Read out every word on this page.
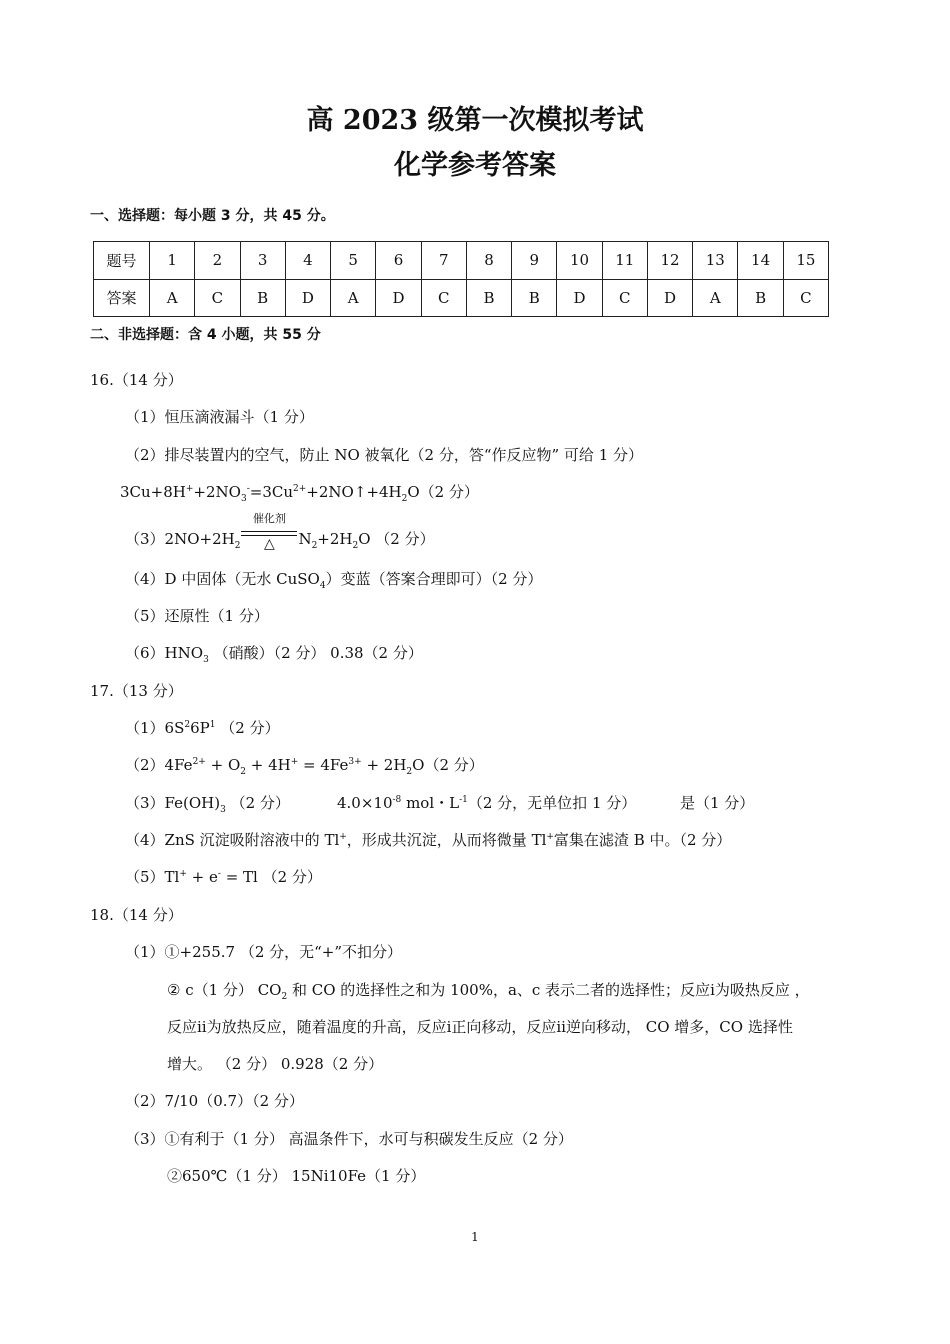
高 2023 级第一次模拟考试
化学参考答案
一、选择题：每小题 3 分，共 45 分。
题号	1	2	3	4	5	6	7	8	9	10	11	12	13	14	15
答案	A	C	B	D	A	D	C	B	B	D	C	D	A	B	C
二、非选择题：含 4 小题，共 55 分
16.（14 分）
（1）恒压滴液漏斗（1 分）
（2）排尽装置内的空气，防止 NO 被氧化（2 分，答“作反应物” 可给 1 分）
$3Cu+8H^++2NO_3^-=3Cu^{2+}+2NO↑+4H_2O(2$ 分）
$(3)2NO+2H_2$
催化剂
△	$N_2+2H_2O$ （2 分）
（4）D 中固体（无水 CuSO$_4$）变蓝（答案合理即可）（2 分）
（5）还原性（1 分）
$(6)HNO_3$ （硝酸）（2 分） 0.38（2 分）
17.（13 分）
$(1)6S^26P^1$ （2 分）
$(2)4Fe^{2+} + O_2 + 4H^+ = 4Fe^{3+} + 2H_2O(2$ 分）
$(3)Fe(OH)_3$ （2 分）	$4.0\times 10^{-8}$ mol・$L^{-1}(2$ 分，无单位扣 1 分）	是（1 分）
（4）ZnS 沉淀吸附溶液中的 Tl+，形成共沉淀，从而将微量 Tl+富集在滤渣 B 中。（2 分）
（5）Tl+ + e- = Tl （2 分）
18.（14 分）
（1）①+255.7 （2 分，无“+”不扣分）
② c（1 分） $CO_2$ 和 CO 的选择性之和为 100%，a、c 表示二者的选择性；反应ⅰ为吸热反应 ，
反应ⅱ为放热反应，随着温度的升高，反应ⅰ正向移动，反应ⅱ逆向移动， CO 增多，CO 选择性
增大。 （2 分） 0.928（2 分）
（2）7/10（0.7）（2 分）
（3）①有利于（1 分） 高温条件下，水可与积碳发生反应（2 分）
②650℃（1 分） 15Ni10Fe（1 分）
1
